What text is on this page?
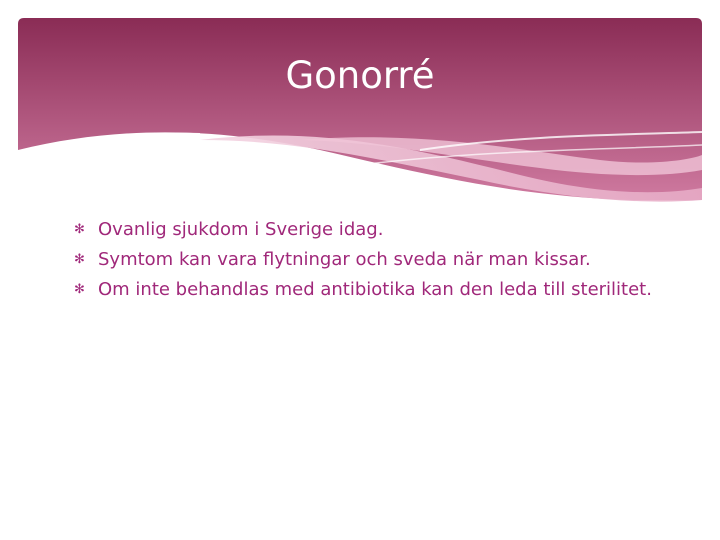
Gonorré
✻ Ovanlig sjukdom i Sverige idag.
✻ Symtom kan vara flytningar och sveda när man kissar.
✻ Om inte behandlas med antibiotika kan den leda till sterilitet.
